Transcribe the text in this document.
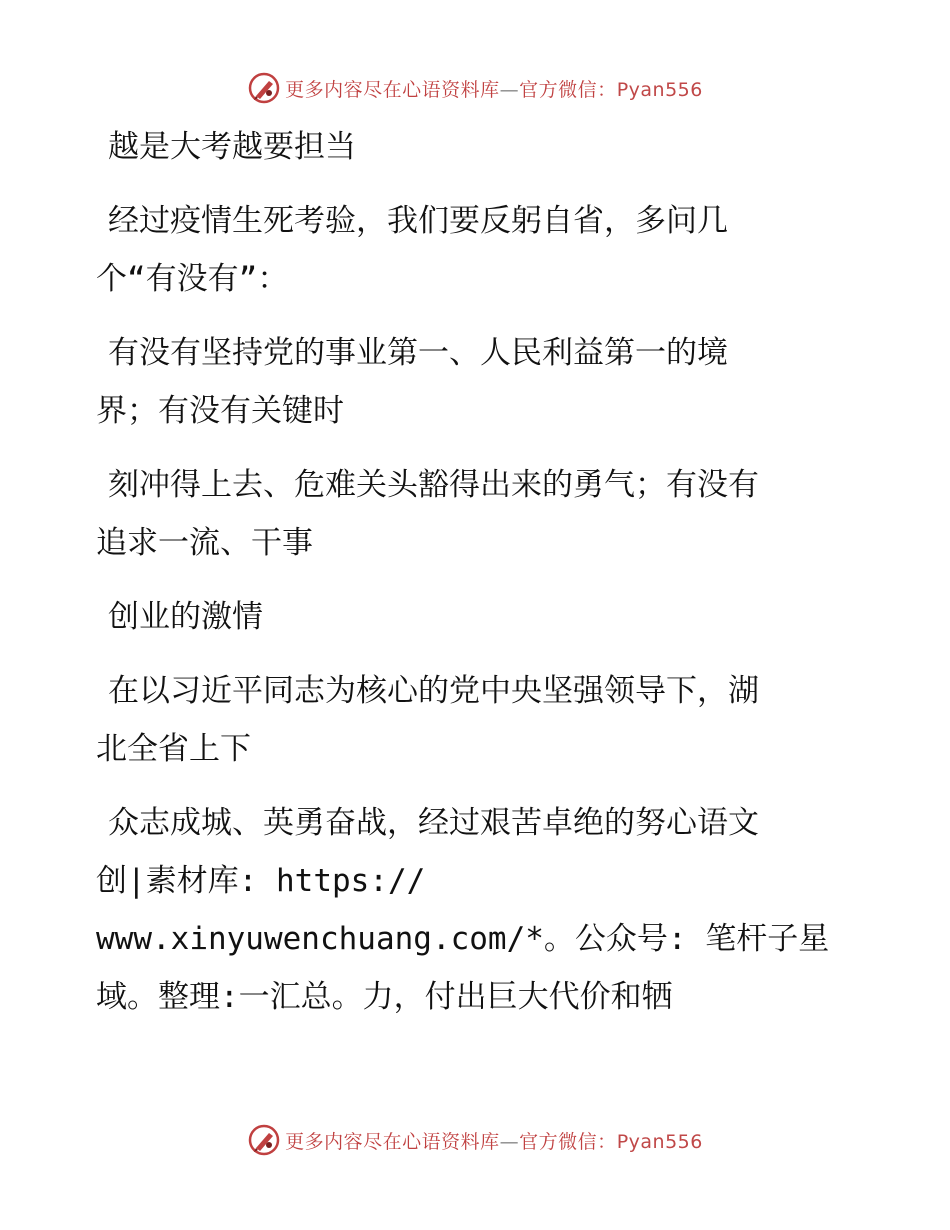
更多内容尽在心语资料库—官方微信：Pyan556

越是大考越要担当

经过疫情生死考验，我们要反躬自省，多问几
个“有没有”：

有没有坚持党的事业第一、人民利益第一的境
界；有没有关键时

刻冲得上去、危难关头豁得出来的勇气；有没有
追求一流、干事

创业的激情

在以习近平同志为核心的党中央坚强领导下，湖
北全省上下

众志成城、英勇奋战，经过艰苦卓绝的努心语文
创|素材库: https://
www.xinyuwenchuang.com/*。公众号: 笔杆子星
域。整理:一汇总。力，付出巨大代价和牺

更多内容尽在心语资料库—官方微信：Pyan556
